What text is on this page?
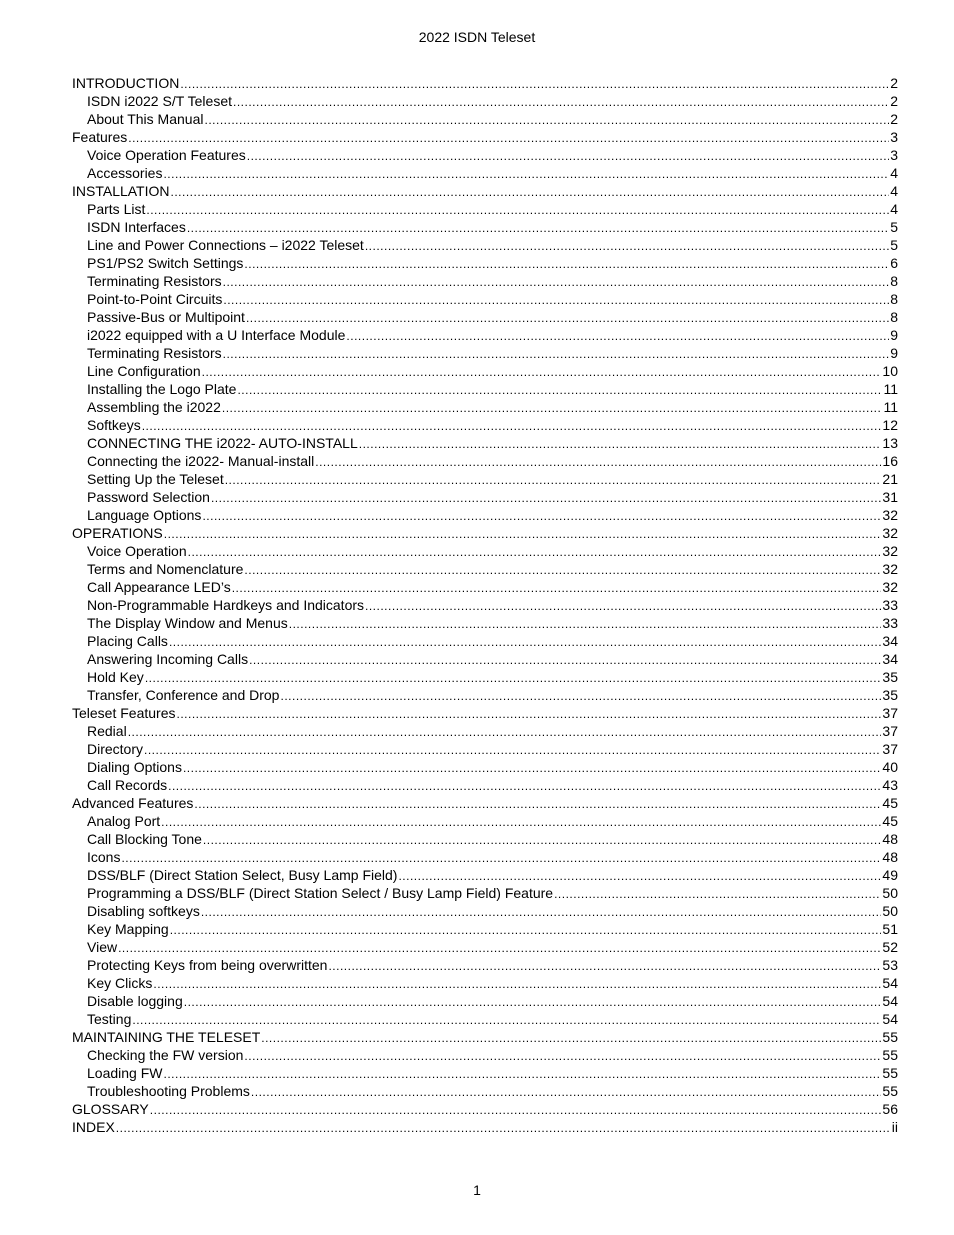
2022 ISDN Teleset
INTRODUCTION .....	2
ISDN i2022 S/T Teleset .....	2
About This Manual .....	2
Features .....	3
Voice Operation Features .....	3
Accessories .....	4
INSTALLATION .....	4
Parts List .....	4
ISDN Interfaces .....	5
Line and Power Connections – i2022 Teleset .....	5
PS1/PS2 Switch Settings .....	6
Terminating Resistors .....	8
Point-to-Point Circuits .....	8
Passive-Bus or Multipoint .....	8
i2022 equipped with a U Interface Module .....	9
Terminating Resistors .....	9
Line Configuration .....	10
Installing the Logo Plate .....	11
Assembling the i2022 .....	11
Softkeys .....	12
CONNECTING THE i2022- AUTO-INSTALL .....	13
Connecting the i2022- Manual-install .....	16
Setting Up the Teleset .....	21
Password Selection .....	31
Language Options .....	32
OPERATIONS .....	32
Voice Operation .....	32
Terms and Nomenclature .....	32
Call Appearance LED’s .....	32
Non-Programmable Hardkeys and Indicators .....	33
The Display Window and Menus .....	33
Placing Calls .....	34
Answering Incoming Calls .....	34
Hold Key .....	35
Transfer, Conference and Drop .....	35
Teleset Features .....	37
Redial .....	37
Directory .....	37
Dialing Options .....	40
Call Records .....	43
Advanced Features .....	45
Analog Port .....	45
Call Blocking Tone .....	48
Icons .....	48
DSS/BLF (Direct Station Select, Busy Lamp Field) .....	49
Programming a DSS/BLF (Direct Station Select / Busy Lamp Field) Feature .....	50
Disabling softkeys .....	50
Key Mapping .....	51
View .....	52
Protecting Keys from being overwritten .....	53
Key Clicks .....	54
Disable logging .....	54
Testing .....	54
MAINTAINING THE TELESET .....	55
Checking the FW version .....	55
Loading FW .....	55
Troubleshooting Problems .....	55
GLOSSARY .....	56
INDEX .....	ii
1
